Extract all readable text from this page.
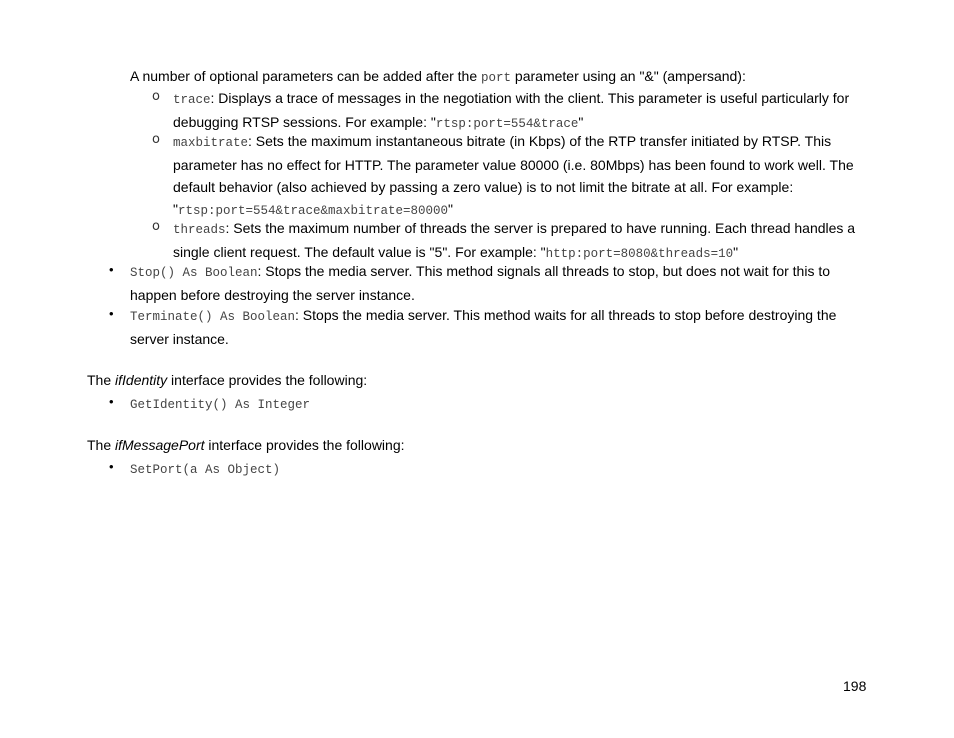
A number of optional parameters can be added after the port parameter using an "&" (ampersand):
o trace: Displays a trace of messages in the negotiation with the client. This parameter is useful particularly for debugging RTSP sessions. For example: "rtsp:port=554&trace"
o maxbitrate: Sets the maximum instantaneous bitrate (in Kbps) of the RTP transfer initiated by RTSP. This parameter has no effect for HTTP. The parameter value 80000 (i.e. 80Mbps) has been found to work well. The default behavior (also achieved by passing a zero value) is to not limit the bitrate at all. For example: "rtsp:port=554&trace&maxbitrate=80000"
o threads: Sets the maximum number of threads the server is prepared to have running. Each thread handles a single client request. The default value is "5". For example: "http:port=8080&threads=10"
• Stop() As Boolean: Stops the media server. This method signals all threads to stop, but does not wait for this to happen before destroying the server instance.
• Terminate() As Boolean: Stops the media server. This method waits for all threads to stop before destroying the server instance.
The ifIdentity interface provides the following:
• GetIdentity() As Integer
The ifMessagePort interface provides the following:
• SetPort(a As Object)
198
